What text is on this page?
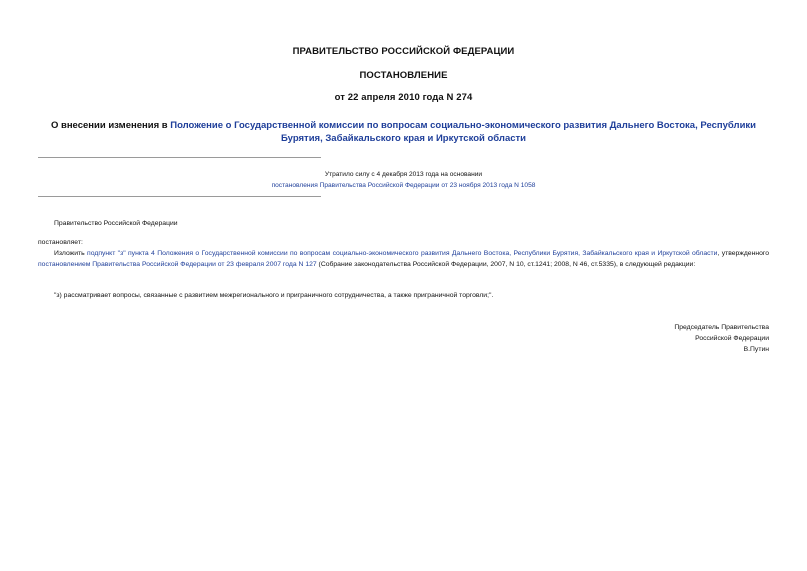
ПРАВИТЕЛЬСТВО РОССИЙСКОЙ ФЕДЕРАЦИИ
ПОСТАНОВЛЕНИЕ
от 22 апреля 2010 года N 274
О внесении изменения в Положение о Государственной комиссии по вопросам социально-экономического развития Дальнего Востока, Республики Бурятия, Забайкальского края и Иркутской области
Утратило силу с 4 декабря 2013 года на основании
постановления Правительства Российской Федерации от 23 ноября 2013 года N 1058
Правительство Российской Федерации
постановляет:
Изложить подпункт "з" пункта 4 Положения о Государственной комиссии по вопросам социально-экономического развития Дальнего Востока, Республики Бурятия, Забайкальского края и Иркутской области, утвержденного постановлением Правительства Российской Федерации от 23 февраля 2007 года N 127 (Собрание законодательства Российской Федерации, 2007, N 10, ст.1241; 2008, N 46, ст.5335), в следующей редакции:
"з) рассматривает вопросы, связанные с развитием межрегионального и приграничного сотрудничества, а также приграничной торговли;".
Председатель Правительства
Российской Федерации
В.Путин
